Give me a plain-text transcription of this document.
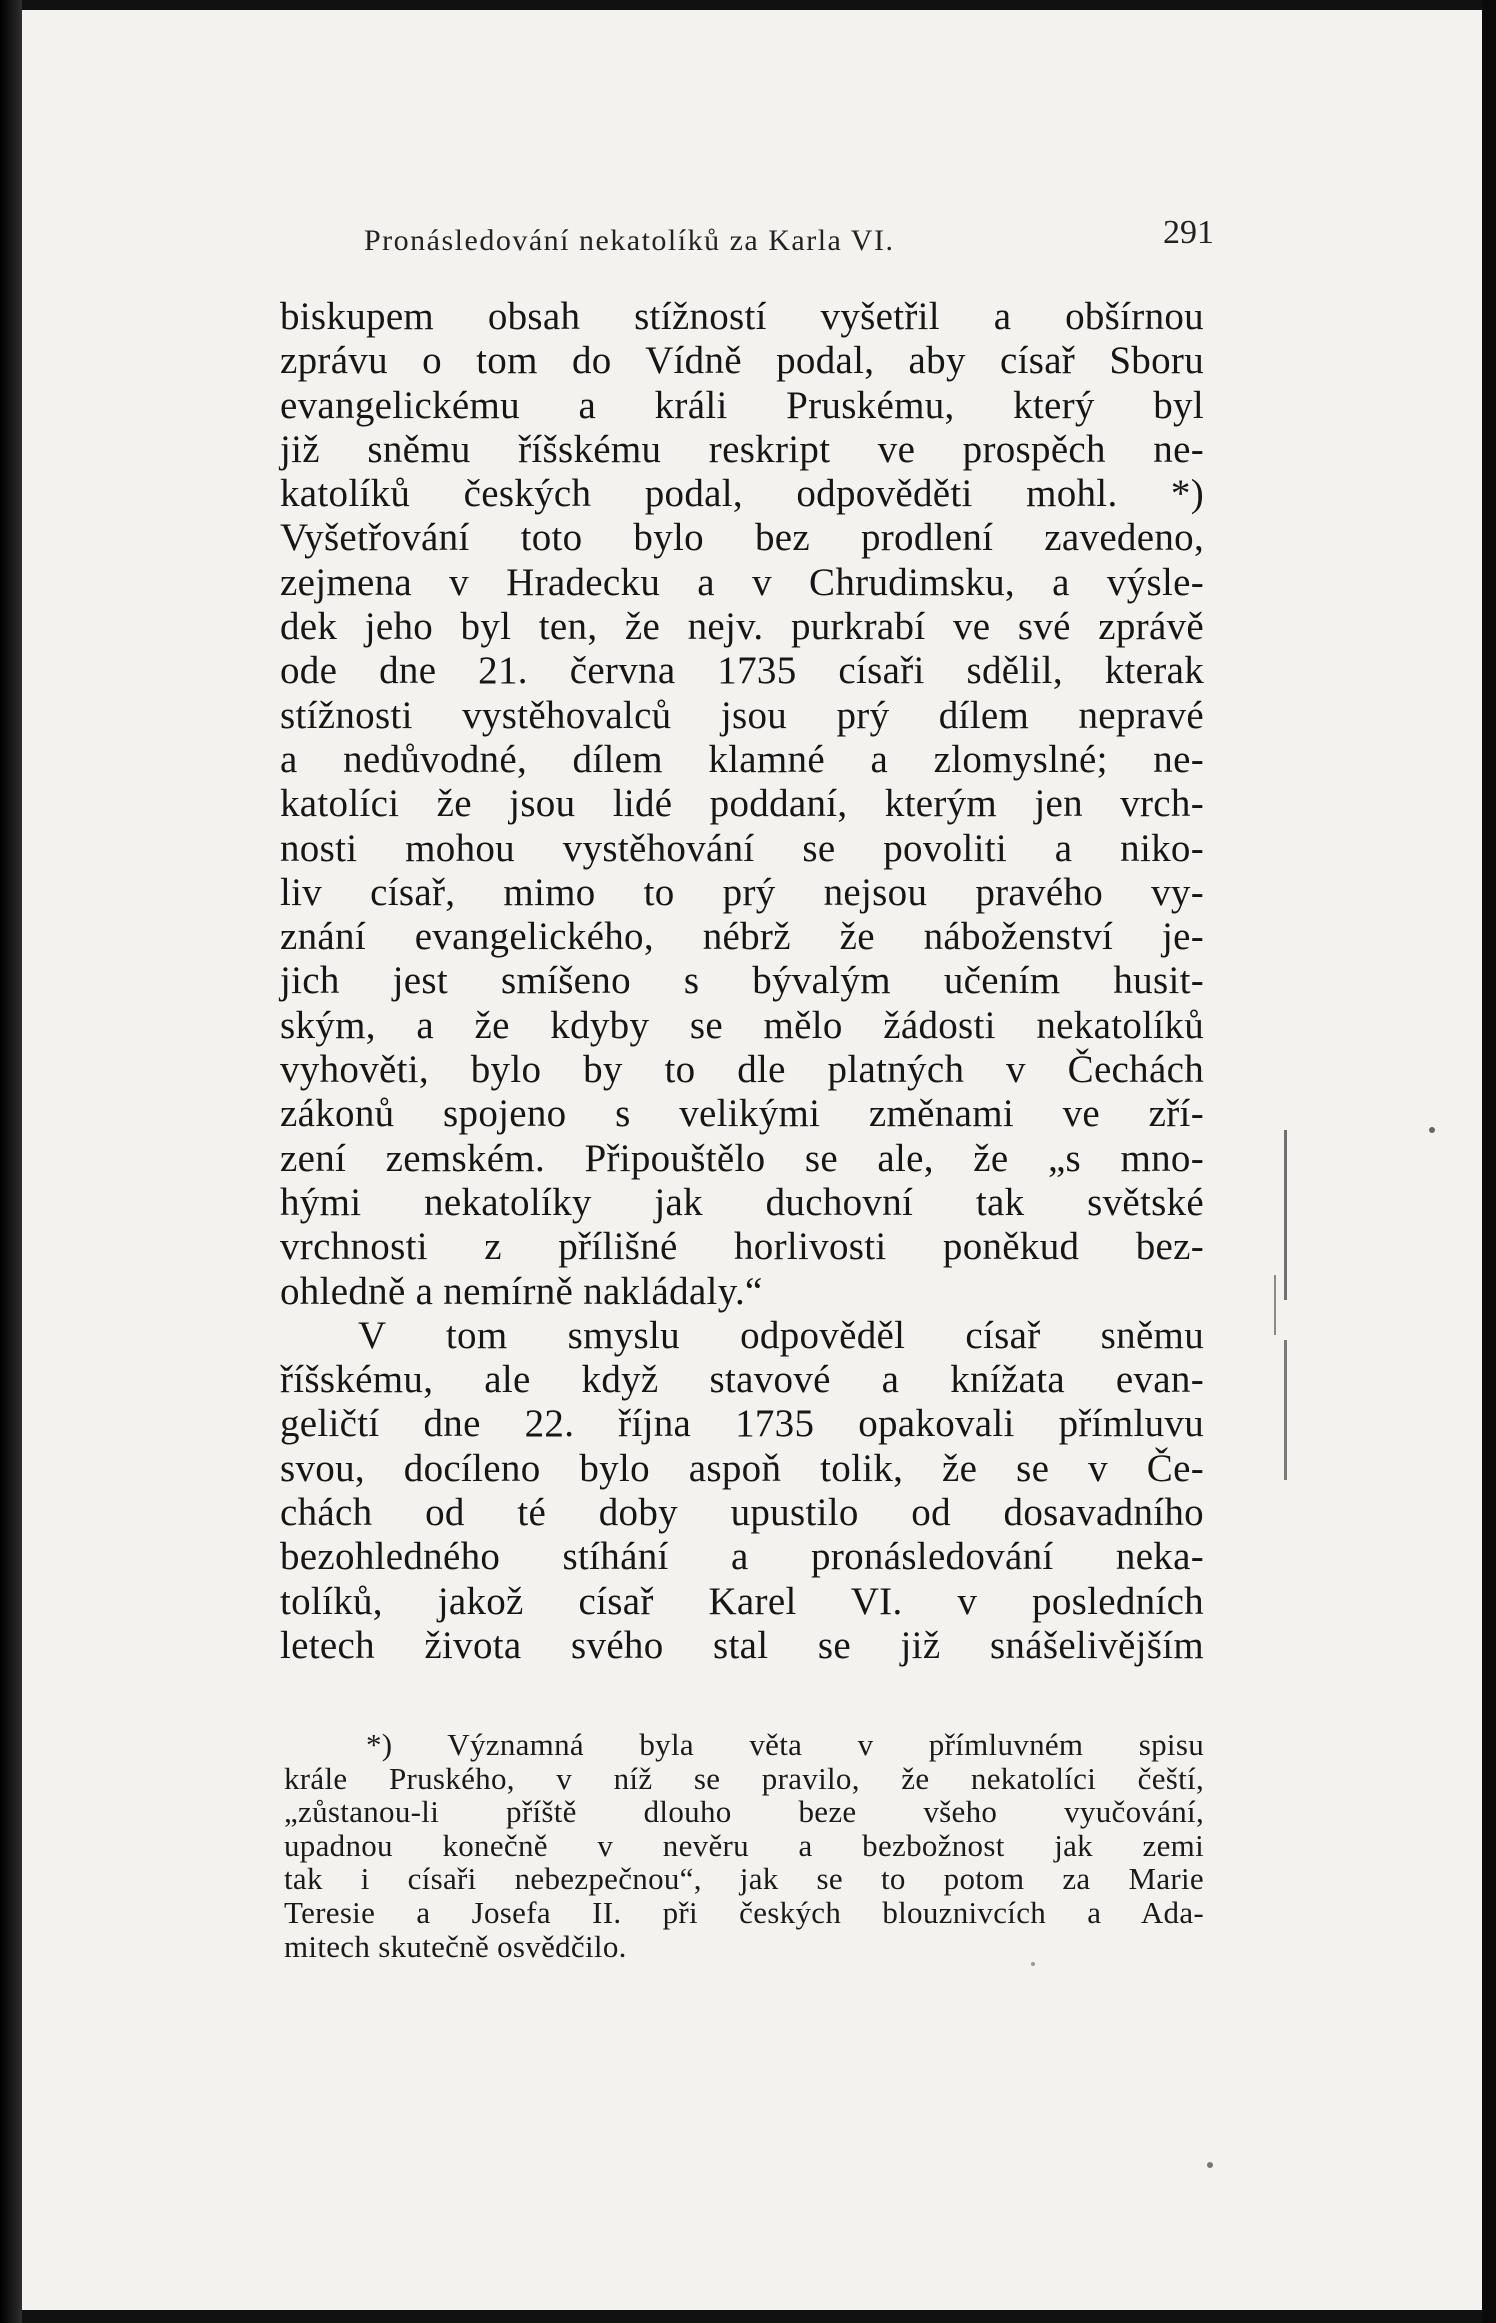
Pronásledování nekatolíků za Karla VI.	291
biskupem obsah stížností vyšetřil a obšírnou
zprávu o tom do Vídně podal, aby císař Sboru
evangelickému a králi Pruskému, který byl
již sněmu říšskému reskript ve prospěch ne-
katolíků českých podal, odpověděti mohl. *)
Vyšetřování toto bylo bez prodlení zavedeno,
zejmena v Hradecku a v Chrudimsku, a výsle-
dek jeho byl ten, že nejv. purkrabí ve své zprávě
ode dne 21. června 1735 císaři sdělil, kterak
stížnosti vystěhovalců jsou prý dílem nepravé
a nedůvodné, dílem klamné a zlomyslné; ne-
katolíci že jsou lidé poddaní, kterým jen vrch-
nosti mohou vystěhování se povoliti a niko-
liv císař, mimo to prý nejsou pravého vy-
znání evangelického, nébrž že náboženství je-
jich jest smíšeno s bývalým učením husit-
ským, a že kdyby se mělo žádosti nekatolíků
vyhověti, bylo by to dle platných v Čechách
zákonů spojeno s velikými změnami ve zří-
zení zemském. Připouštělo se ale, že „s mno-
hými nekatolíky jak duchovní tak světské
vrchnosti z přílišné horlivosti poněkud bez-
ohledně a nemírně nakládaly.“
V tom smyslu odpověděl císař sněmu
říšskému, ale když stavové a knížata evan-
geličtí dne 22. října 1735 opakovali přímluvu
svou, docíleno bylo aspoň tolik, že se v Če-
chách od té doby upustilo od dosavadního
bezohledného stíhání a pronásledování neka-
tolíků, jakož císař Karel VI. v posledních
letech života svého stal se již snášelivějším
*) Významná byla věta v přímluvném spisu
krále Pruského, v níž se pravilo, že nekatolíci čeští,
„zůstanou-li příště dlouho beze všeho vyučování,
upadnou konečně v nevěru a bezbožnost jak zemi
tak i císaři nebezpečnou“, jak se to potom za Marie
Teresie a Josefa II. při českých blouznivcích a Ada-
mitech skutečně osvědčilo.
